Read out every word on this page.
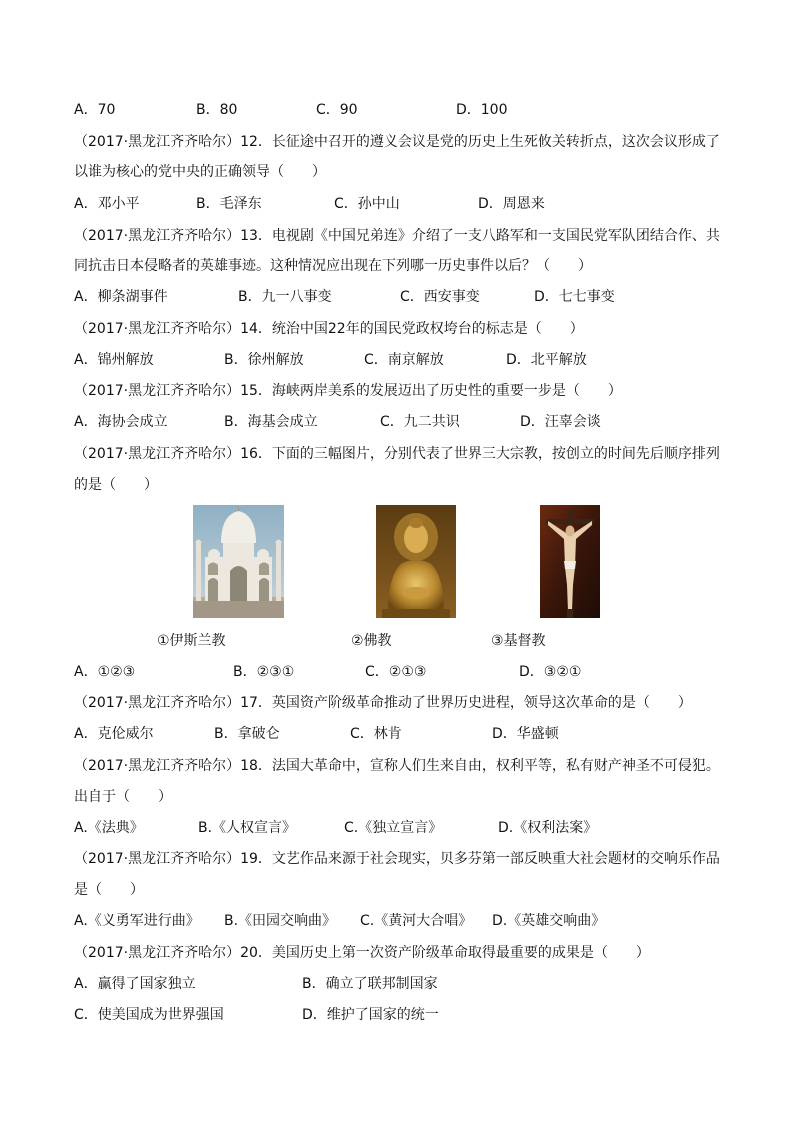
A．70	B．80	C．90	D．100
（2017·黑龙江齐齐哈尔）12．长征途中召开的遵义会议是党的历史上生死攸关转折点，这次会议形成了
以谁为核心的党中央的正确领导（　　）
A．邓小平	B．毛泽东	C．孙中山	D．周恩来
（2017·黑龙江齐齐哈尔）13．电视剧《中国兄弟连》介绍了一支八路军和一支国民党军队团结合作、共
同抗击日本侵略者的英雄事迹。这种情况应出现在下列哪一历史事件以后？（　　）
A．柳条湖事件	B．九一八事变	C．西安事变	D．七七事变
（2017·黑龙江齐齐哈尔）14．统治中国22年的国民党政权垮台的标志是（　　）
A．锦州解放	B．徐州解放	C．南京解放	D．北平解放
（2017·黑龙江齐齐哈尔）15．海峡两岸美系的发展迈出了历史性的重要一步是（　　）
A．海协会成立	B．海基会成立	C．九二共识	D．汪辜会谈
（2017·黑龙江齐齐哈尔）16．下面的三幅图片，分别代表了世界三大宗教，按创立的时间先后顺序排列
的是（　　）
①伊斯兰教	②佛教	③基督教
A．①②③	B．②③①	C．②①③	D．③②①
（2017·黑龙江齐齐哈尔）17．英国资产阶级革命推动了世界历史进程，领导这次革命的是（　　）
A．克伦威尔	B．拿破仑	C．林肯	D．华盛顿
（2017·黑龙江齐齐哈尔）18．法国大革命中，宣称人们生来自由，权利平等，私有财产神圣不可侵犯。
出自于（　　）
A.《法典》	B.《人权宣言》	C.《独立宣言》	D.《权利法案》
（2017·黑龙江齐齐哈尔）19．文艺作品来源于社会现实，贝多芬第一部反映重大社会题材的交响乐作品
是（　　）
A.《义勇军进行曲》 B.《田园交响曲》 C.《黄河大合唱》 D.《英雄交响曲》
（2017·黑龙江齐齐哈尔）20．美国历史上第一次资产阶级革命取得最重要的成果是（　　）
A．赢得了国家独立	B．确立了联邦制国家
C．使美国成为世界强国	D．维护了国家的统一
